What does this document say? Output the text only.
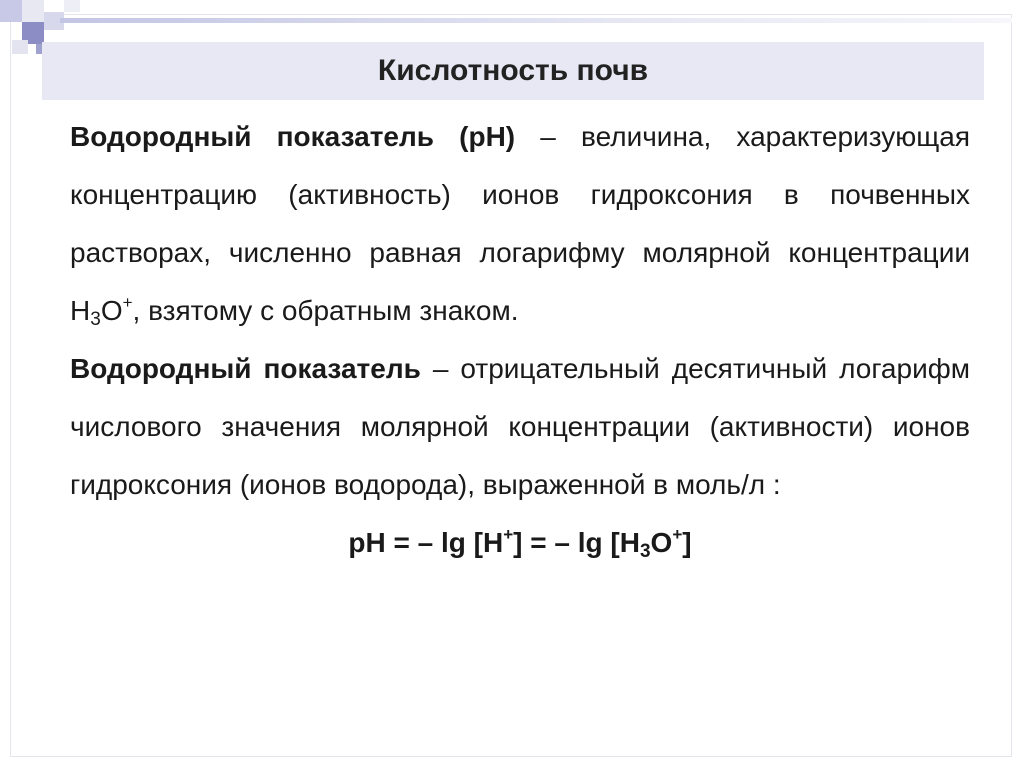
Кислотность почв

Водородный показатель (рН) – величина, характеризующая концентрацию (активность) ионов гидроксония в почвенных растворах, численно равная логарифму молярной концентрации $Н_3О^+$, взятому с обратным знаком.

Водородный показатель – отрицательный десятичный логарифм числового значения молярной концентрации (активности) ионов гидроксония (ионов водорода), выраженной в моль/л :

рН = – lg [H+] = – $\lg [H_3O^+]$
